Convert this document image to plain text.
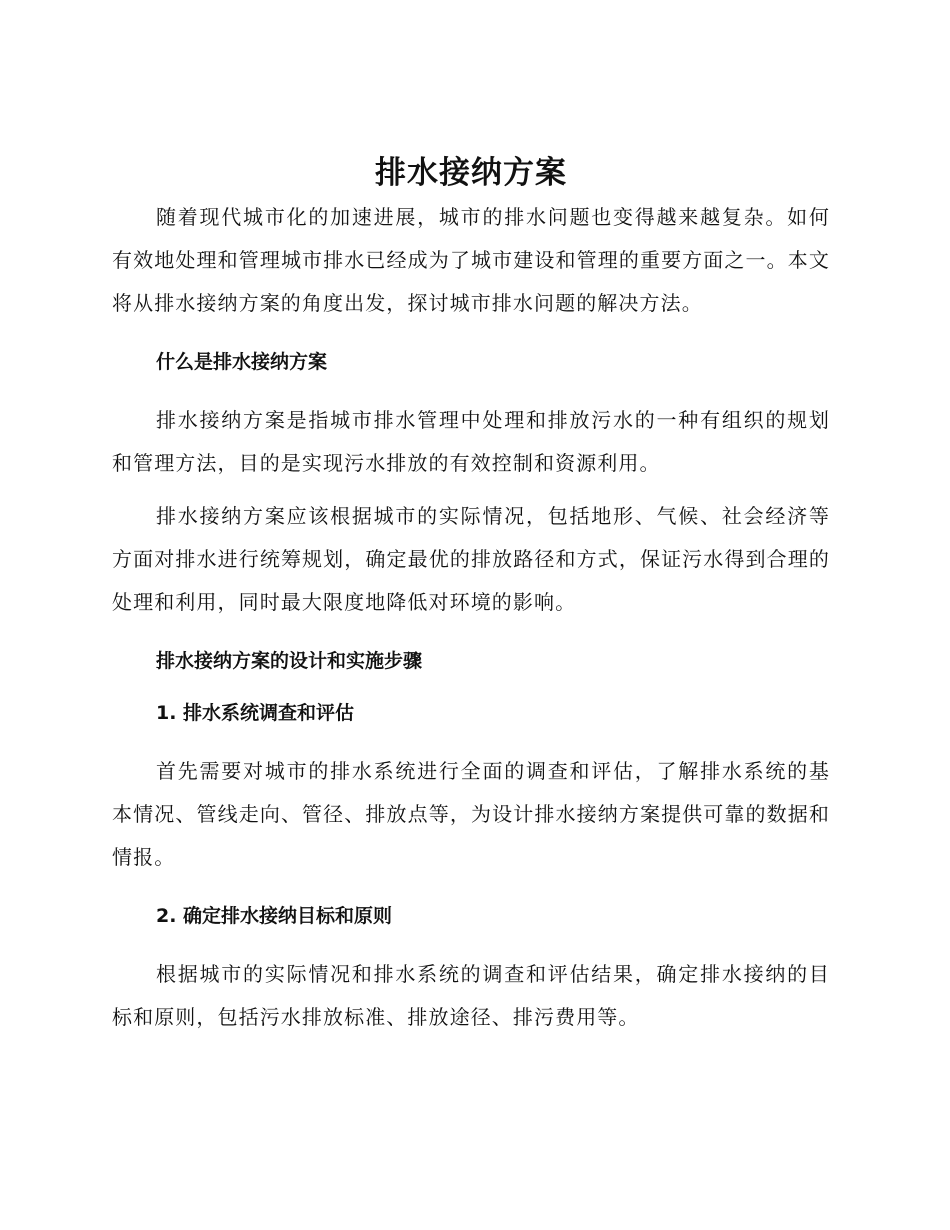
排水接纳方案

随着现代城市化的加速进展，城市的排水问题也变得越来越复杂。如何有效地处理和管理城市排水已经成为了城市建设和管理的重要方面之一。本文将从排水接纳方案的角度出发，探讨城市排水问题的解决方法。

什么是排水接纳方案

排水接纳方案是指城市排水管理中处理和排放污水的一种有组织的规划和管理方法，目的是实现污水排放的有效控制和资源利用。

排水接纳方案应该根据城市的实际情况，包括地形、气候、社会经济等方面对排水进行统筹规划，确定最优的排放路径和方式，保证污水得到合理的处理和利用，同时最大限度地降低对环境的影响。

排水接纳方案的设计和实施步骤
1. 排水系统调查和评估

首先需要对城市的排水系统进行全面的调查和评估，了解排水系统的基本情况、管线走向、管径、排放点等，为设计排水接纳方案提供可靠的数据和情报。

2. 确定排水接纳目标和原则

根据城市的实际情况和排水系统的调查和评估结果，确定排水接纳的目标和原则，包括污水排放标准、排放途径、排污费用等。
